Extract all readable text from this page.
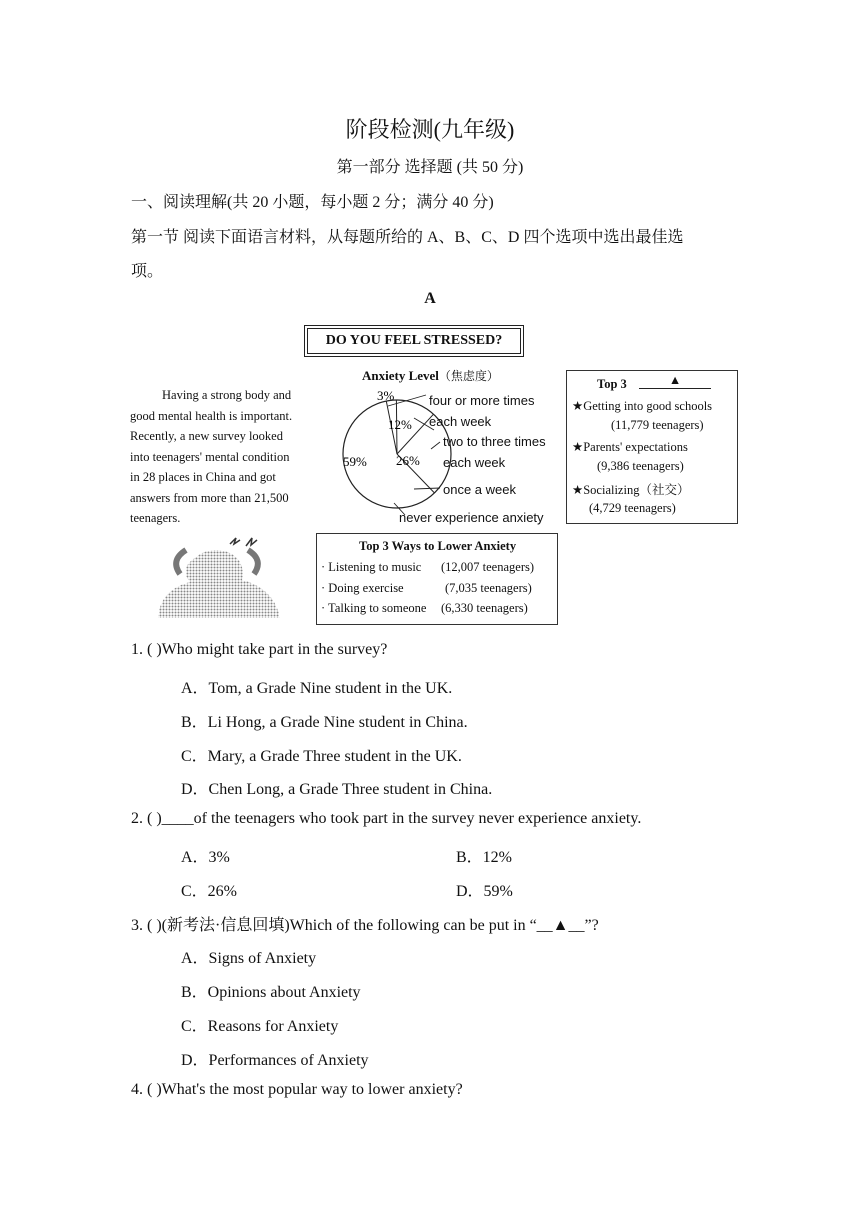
阶段检测(九年级)
第一部分 选择题 (共 50 分)
一、阅读理解(共 20 小题，每小题 2 分；满分 40 分)
第一节 阅读下面语言材料，从每题所给的 A、B、C、D 四个选项中选出最佳选
项。
A
DO YOU FEEL STRESSED?
Having a strong body and
good mental health is important.
Recently, a new survey looked
into teenagers' mental condition
in 28 places in China and got
answers from more than 21,500
teenagers.
Anxiety Level（焦虑度）
3%
12%
26%
59%
four or more times
each week
two to three times
each week
once a week
never experience anxiety
Top 3	▲
★Getting into good schools
(11,779 teenagers)
★Parents' expectations
(9,386 teenagers)
★Socializing（社交）
(4,729 teenagers)
Top 3 Ways to Lower Anxiety
· Listening to music (12,007 teenagers)
· Doing exercise	(7,035 teenagers)
· Talking to someone (6,330 teenagers)
1. ( )Who might take part in the survey?
A．Tom, a Grade Nine student in the UK.
B．Li Hong, a Grade Nine student in China.
C．Mary, a Grade Three student in the UK.
D．Chen Long, a Grade Three student in China.
2. ( )____of the teenagers who took part in the survey never experience anxiety.
A．3%	B．12%
C．26%	D．59%
3. ( )(新考法·信息回填)Which of the following can be put in “__▲__”?
A．Signs of Anxiety
B．Opinions about Anxiety
C．Reasons for Anxiety
D．Performances of Anxiety
4. ( )What's the most popular way to lower anxiety?
